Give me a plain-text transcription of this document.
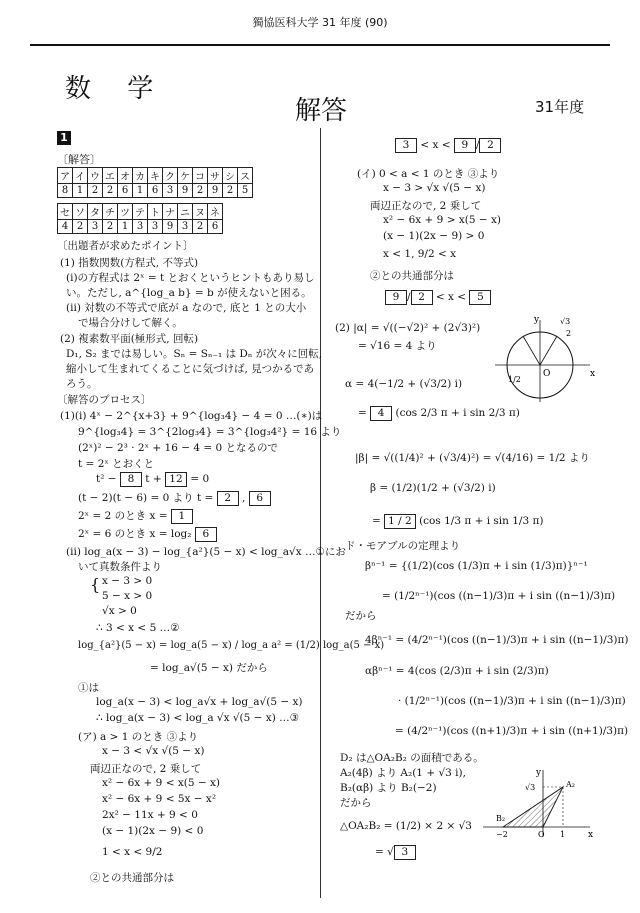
獨協医科大学 31 年度 (90)
数 学
解答	31年度
1
〔解答〕
ア	イ	ウ	エ	オ	カ	キ	ク	ケ	コ	サ	シ	ス
8	1	2	2	6	1	6	3	9	2	9	2	5
セ	ソ	タ	チ	ツ	テ	ト	ナ	ニ	ヌ	ネ
4	2	3	2	1	3	3	9	3	2	6
〔出題者が求めたポイント〕
(1) 指数関数(方程式, 不等式)
(i)の方程式は 2ˣ = t とおくというヒントもあり易し
い。ただし, a^{log_a b} = b が使えないと困る。
(ii) 対数の不等式で底が a なので, 底と 1 との大小
で場合分けして解く。
(2) 複素数平面(極形式, 回転)
D₁, S₂ までは易しい。Sₙ = Sₙ₋₁ は Dₙ が次々に回転,
縮小して生まれてくることに気づけば, 見つかるであ
ろう。
〔解答のプロセス〕
(1)(i) 4ˣ − 2^{x+3} + 9^{log₃4} − 4 = 0 …(∗)は
9^{log₃4} = 3^{2log₃4} = 3^{log₃4²} = 16 より
(2ˣ)² − 2³ · 2ˣ + 16 − 4 = 0 となるので
t = 2ˣ とおくと
t² − 8 t + 12 = 0
(t − 2)(t − 6) = 0 より t = 2 , 6
2ˣ = 2 のとき x = 1
2ˣ = 6 のとき x = log₂ 6
(ii) log_a(x − 3) − log_{a²}(5 − x) < log_a√x …①にお
いて真数条件より
{ x − 3 > 0
5 − x > 0
√x > 0
∴ 3 < x < 5 …②
log_{a²}(5 − x) = log_a(5 − x) / log_a a² = (1/2) log_a(5 − x)
= log_a√(5 − x) だから
①は
log_a(x − 3) < log_a√x + log_a√(5 − x)
∴ log_a(x − 3) < log_a √x √(5 − x) …③
(ア) a > 1 のとき ③より
x − 3 < √x √(5 − x)
両辺正なので, 2 乗して
x² − 6x + 9 < x(5 − x)
x² − 6x + 9 < 5x − x²
2x² − 11x + 9 < 0
(x − 1)(2x − 9) < 0
1 < x < 9/2
②との共通部分は
3 < x < 9 / 2
(イ) 0 < a < 1 のとき ③より
x − 3 > √x √(5 − x)
両辺正なので, 2 乗して
x² − 6x + 9 > x(5 − x)
(x − 1)(2x − 9) > 0
x < 1, 9/2 < x
②との共通部分は
9 / 2 < x < 5
(2) |α| = √((−√2)² + (2√3)²)
= √16 = 4 より
α = 4(−1/2 + (√3/2) i)
= 4 (cos 2/3 π + i sin 2/3 π)
|β| = √((1/4)² + (√3/4)²) = √(4/16) = 1/2 より
β = (1/2)(1/2 + (√3/2) i)
= 1 / 2 (cos 1/3 π + i sin 1/3 π)
ド・モアブルの定理より
βⁿ⁻¹ = {(1/2)(cos (1/3)π + i sin (1/3)π)}ⁿ⁻¹
= (1/2ⁿ⁻¹)(cos ((n−1)/3)π + i sin ((n−1)/3)π)
だから
4βⁿ⁻¹ = (4/2ⁿ⁻¹)(cos ((n−1)/3)π + i sin ((n−1)/3)π)
αβⁿ⁻¹ = 4(cos (2/3)π + i sin (2/3)π)
· (1/2ⁿ⁻¹)(cos ((n−1)/3)π + i sin ((n−1)/3)π)
= (4/2ⁿ⁻¹)(cos ((n+1)/3)π + i sin ((n+1)/3)π)
D₂ は△OA₂B₂ の面積である。
A₂(4β) より A₂(1 + √3 i),
B₂(αβ) より B₂(−2)
だから
△OA₂B₂ = (1/2) × 2 × √3
= √ 3
y
x
O
√3
2
1/2
y
x
O
A₂
B₂
√3
−2	1
